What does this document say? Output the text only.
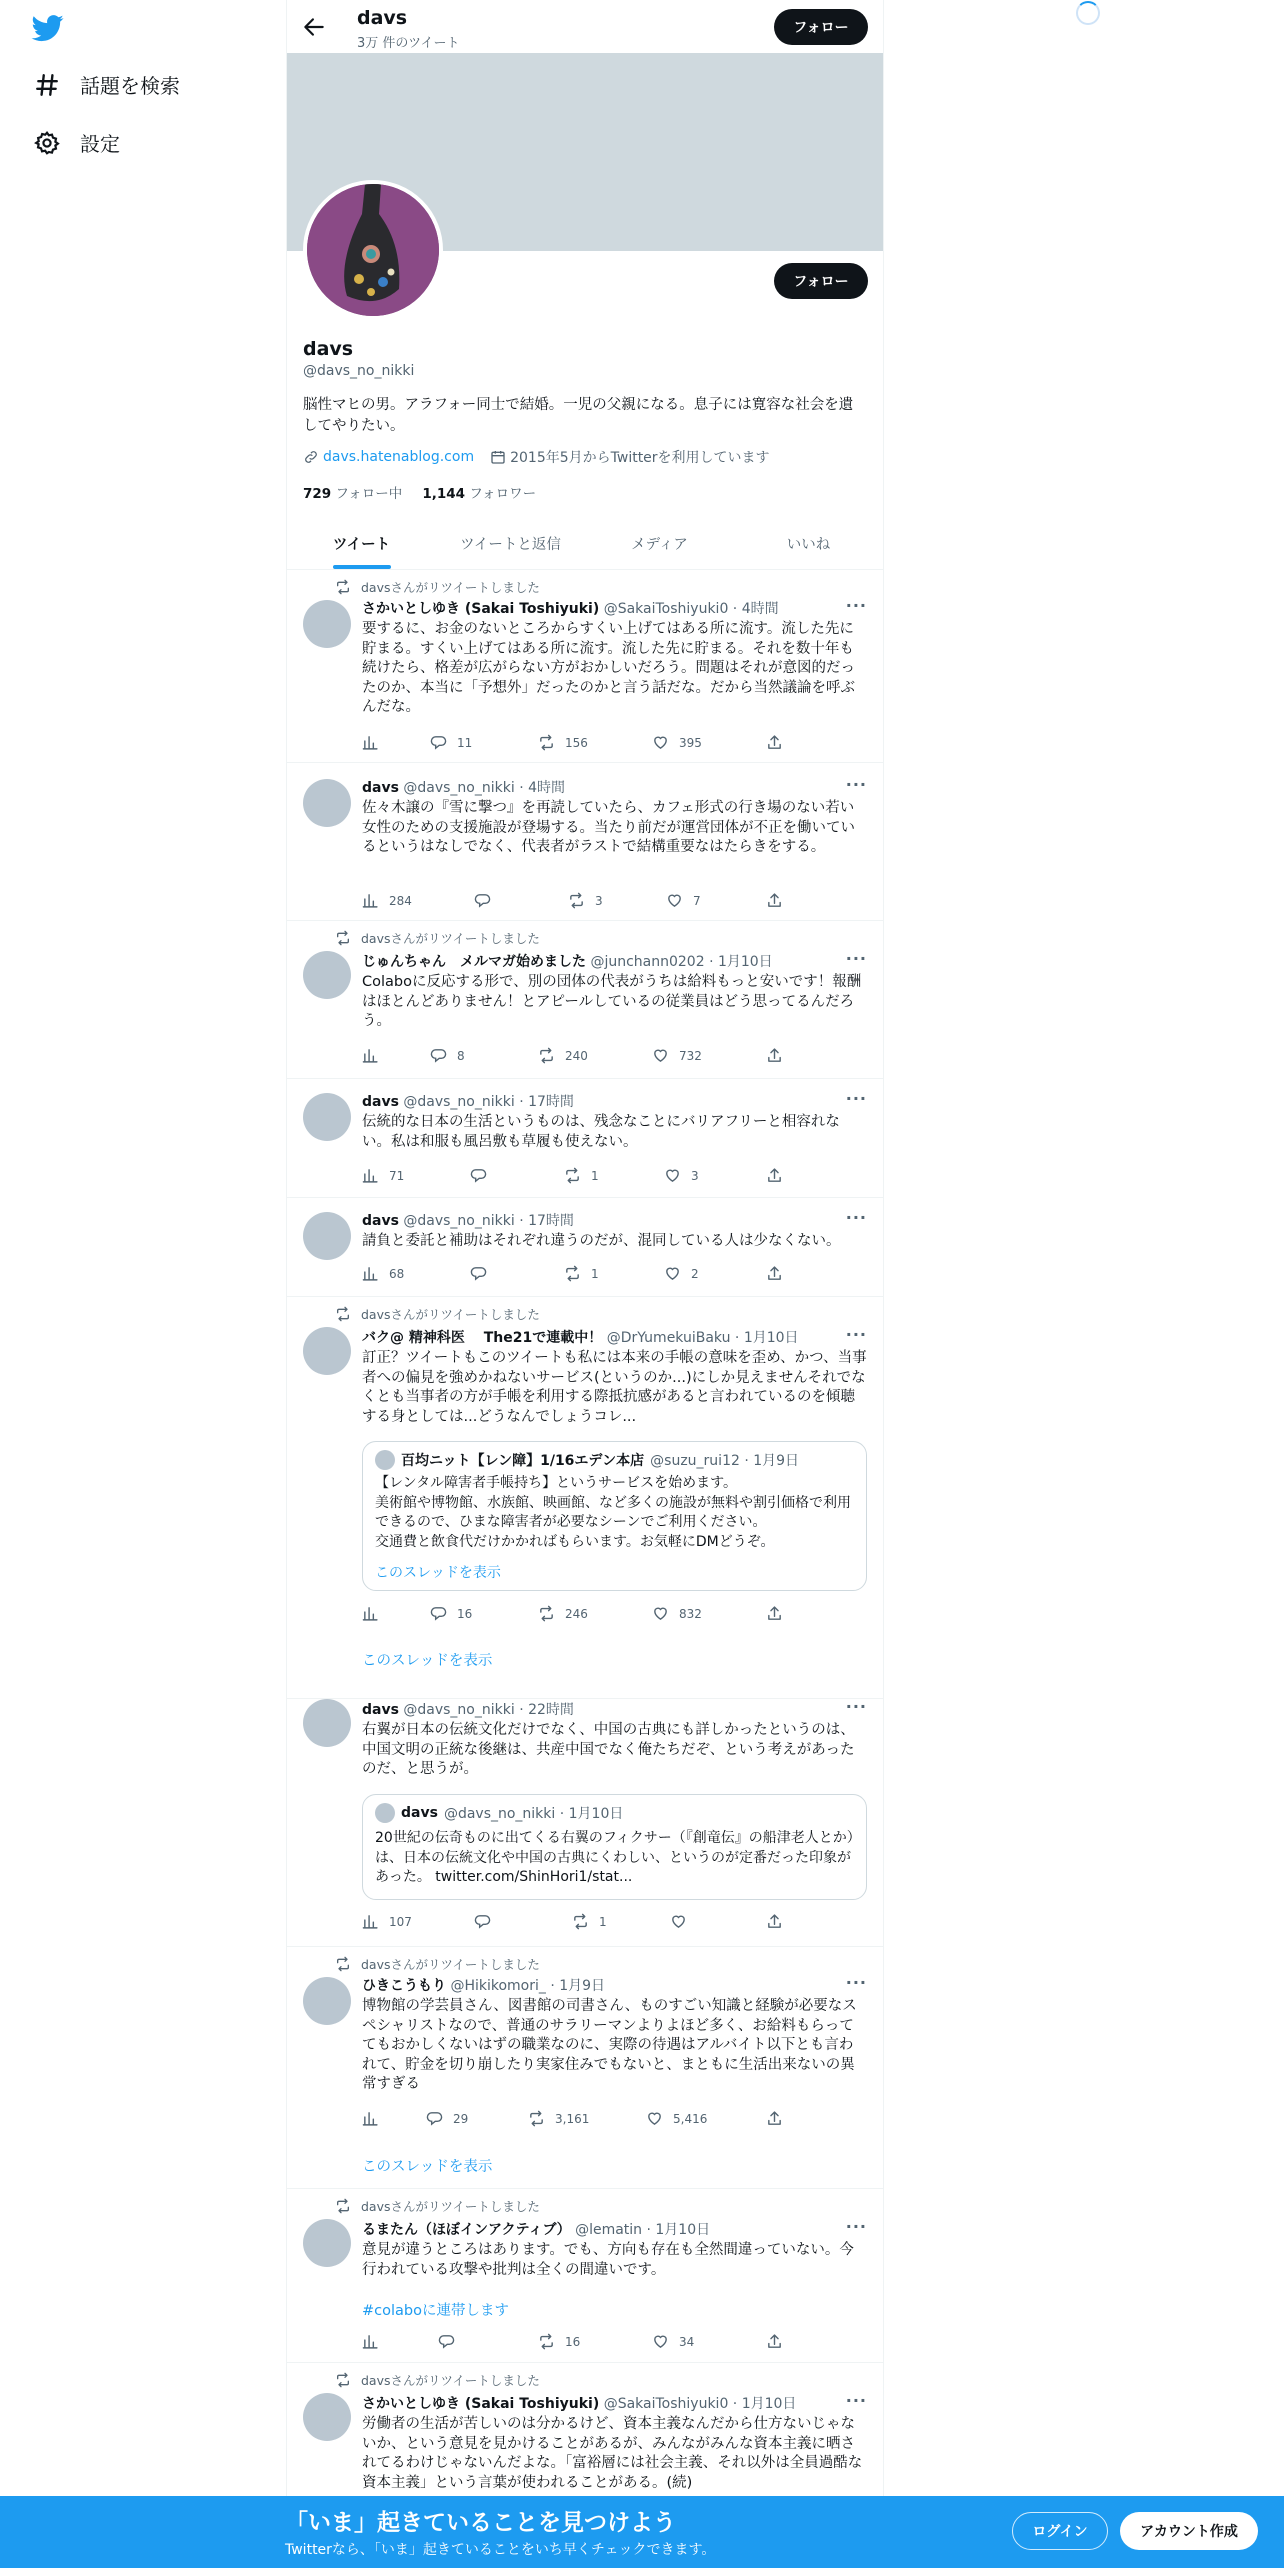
話題を検索
設定
davs
3万 件のツイート
フォロー
フォロー
davs
@davs_no_nikki
脳性マヒの男。アラフォー同士で結婚。一児の父親になる。息子には寛容な社会を遺してやりたい。
davs.hatenablog.com	2015年5月からTwitterを利用しています
729 フォロー中 1,144 フォロワー
ツイート	ツイートと返信	メディア	いいね
davsさんがリツイートしました
さかいとしゆき (Sakai Toshiyuki) @SakaiToshiyuki0 · 4時間	···
要するに、お金のないところからすくい上げてはある所に流す。流した先に貯まる。すくい上げてはある所に流す。流した先に貯まる。それを数十年も続けたら、格差が広がらない方がおかしいだろう。問題はそれが意図的だったのか、本当に「予想外」だったのかと言う話だな。だから当然議論を呼ぶんだな。
11	156	395
davs @davs_no_nikki · 4時間	···
佐々木譲の『雪に撃つ』を再読していたら、カフェ形式の行き場のない若い女性のための支援施設が登場する。当たり前だが運営団体が不正を働いているというはなしでなく、代表者がラストで結構重要なはたらきをする。
284	3	7
davsさんがリツイートしました
じゅんちゃん　メルマガ始めました @junchann0202 · 1月10日	···
Colaboに反応する形で、別の団体の代表がうちは給料もっと安いです！報酬はほとんどありません！とアピールしているの従業員はどう思ってるんだろう。
8	240	732
davs @davs_no_nikki · 17時間	···
伝統的な日本の生活というものは、残念なことにバリアフリーと相容れない。私は和服も風呂敷も草履も使えない。
71	1	3
davs @davs_no_nikki · 17時間	···
請負と委託と補助はそれぞれ違うのだが、混同している人は少なくない。
68	1	2
davsさんがリツイートしました
バク@ 精神科医　 The21で連載中！ @DrYumekuiBaku · 1月10日	···
訂正？ツイートもこのツイートも私には本来の手帳の意味を歪め、かつ、当事者への偏見を強めかねないサービス(というのか...)にしか見えませんそれでなくとも当事者の方が手帳を利用する際抵抗感があると言われているのを傾聴する身としては...どうなんでしょうコレ...
百均ニット【レン障】1/16エデン本店 @suzu_rui12 · 1月9日
【レンタル障害者手帳持ち】というサービスを始めます。
美術館や博物館、水族館、映画館、など多くの施設が無料や割引価格で利用できるので、ひまな障害者が必要なシーンでご利用ください。
交通費と飲食代だけかかればもらいます。お気軽にDMどうぞ。
このスレッドを表示
16	246	832
このスレッドを表示
davs @davs_no_nikki · 22時間	···
右翼が日本の伝統文化だけでなく、中国の古典にも詳しかったというのは、中国文明の正統な後継は、共産中国でなく俺たちだぞ、という考えがあったのだ、と思うが。
davs @davs_no_nikki · 1月10日
20世紀の伝奇ものに出てくる右翼のフィクサー（『創竜伝』の船津老人とか）は、日本の伝統文化や中国の古典にくわしい、というのが定番だった印象があった。 twitter.com/ShinHori1/stat...
107	1
davsさんがリツイートしました
ひきこうもり @Hikikomori_ · 1月9日	···
博物館の学芸員さん、図書館の司書さん、ものすごい知識と経験が必要なスペシャリストなので、普通のサラリーマンよりよほど多く、お給料もらっててもおかしくないはずの職業なのに、実際の待遇はアルバイト以下とも言われて、貯金を切り崩したり実家住みでもないと、まともに生活出来ないの異常すぎる
29	3,161	5,416
このスレッドを表示
davsさんがリツイートしました
るまたん（ほぼインアクティブ） @lematin · 1月10日	···
意見が違うところはあります。でも、方向も存在も全然間違っていない。今行われている攻撃や批判は全くの間違いです。
#colaboに連帯します
16	34
davsさんがリツイートしました
さかいとしゆき (Sakai Toshiyuki) @SakaiToshiyuki0 · 1月10日	···
労働者の生活が苦しいのは分かるけど、資本主義なんだから仕方ないじゃないか、という意見を見かけることがあるが、みんながみんな資本主義に晒されてるわけじゃないんだよな。「富裕層には社会主義、それ以外は全員過酷な資本主義」という言葉が使われることがある。(続)
「いま」起きていることを見つけよう
Twitterなら、「いま」起きていることをいち早くチェックできます。
ログイン	アカウント作成
